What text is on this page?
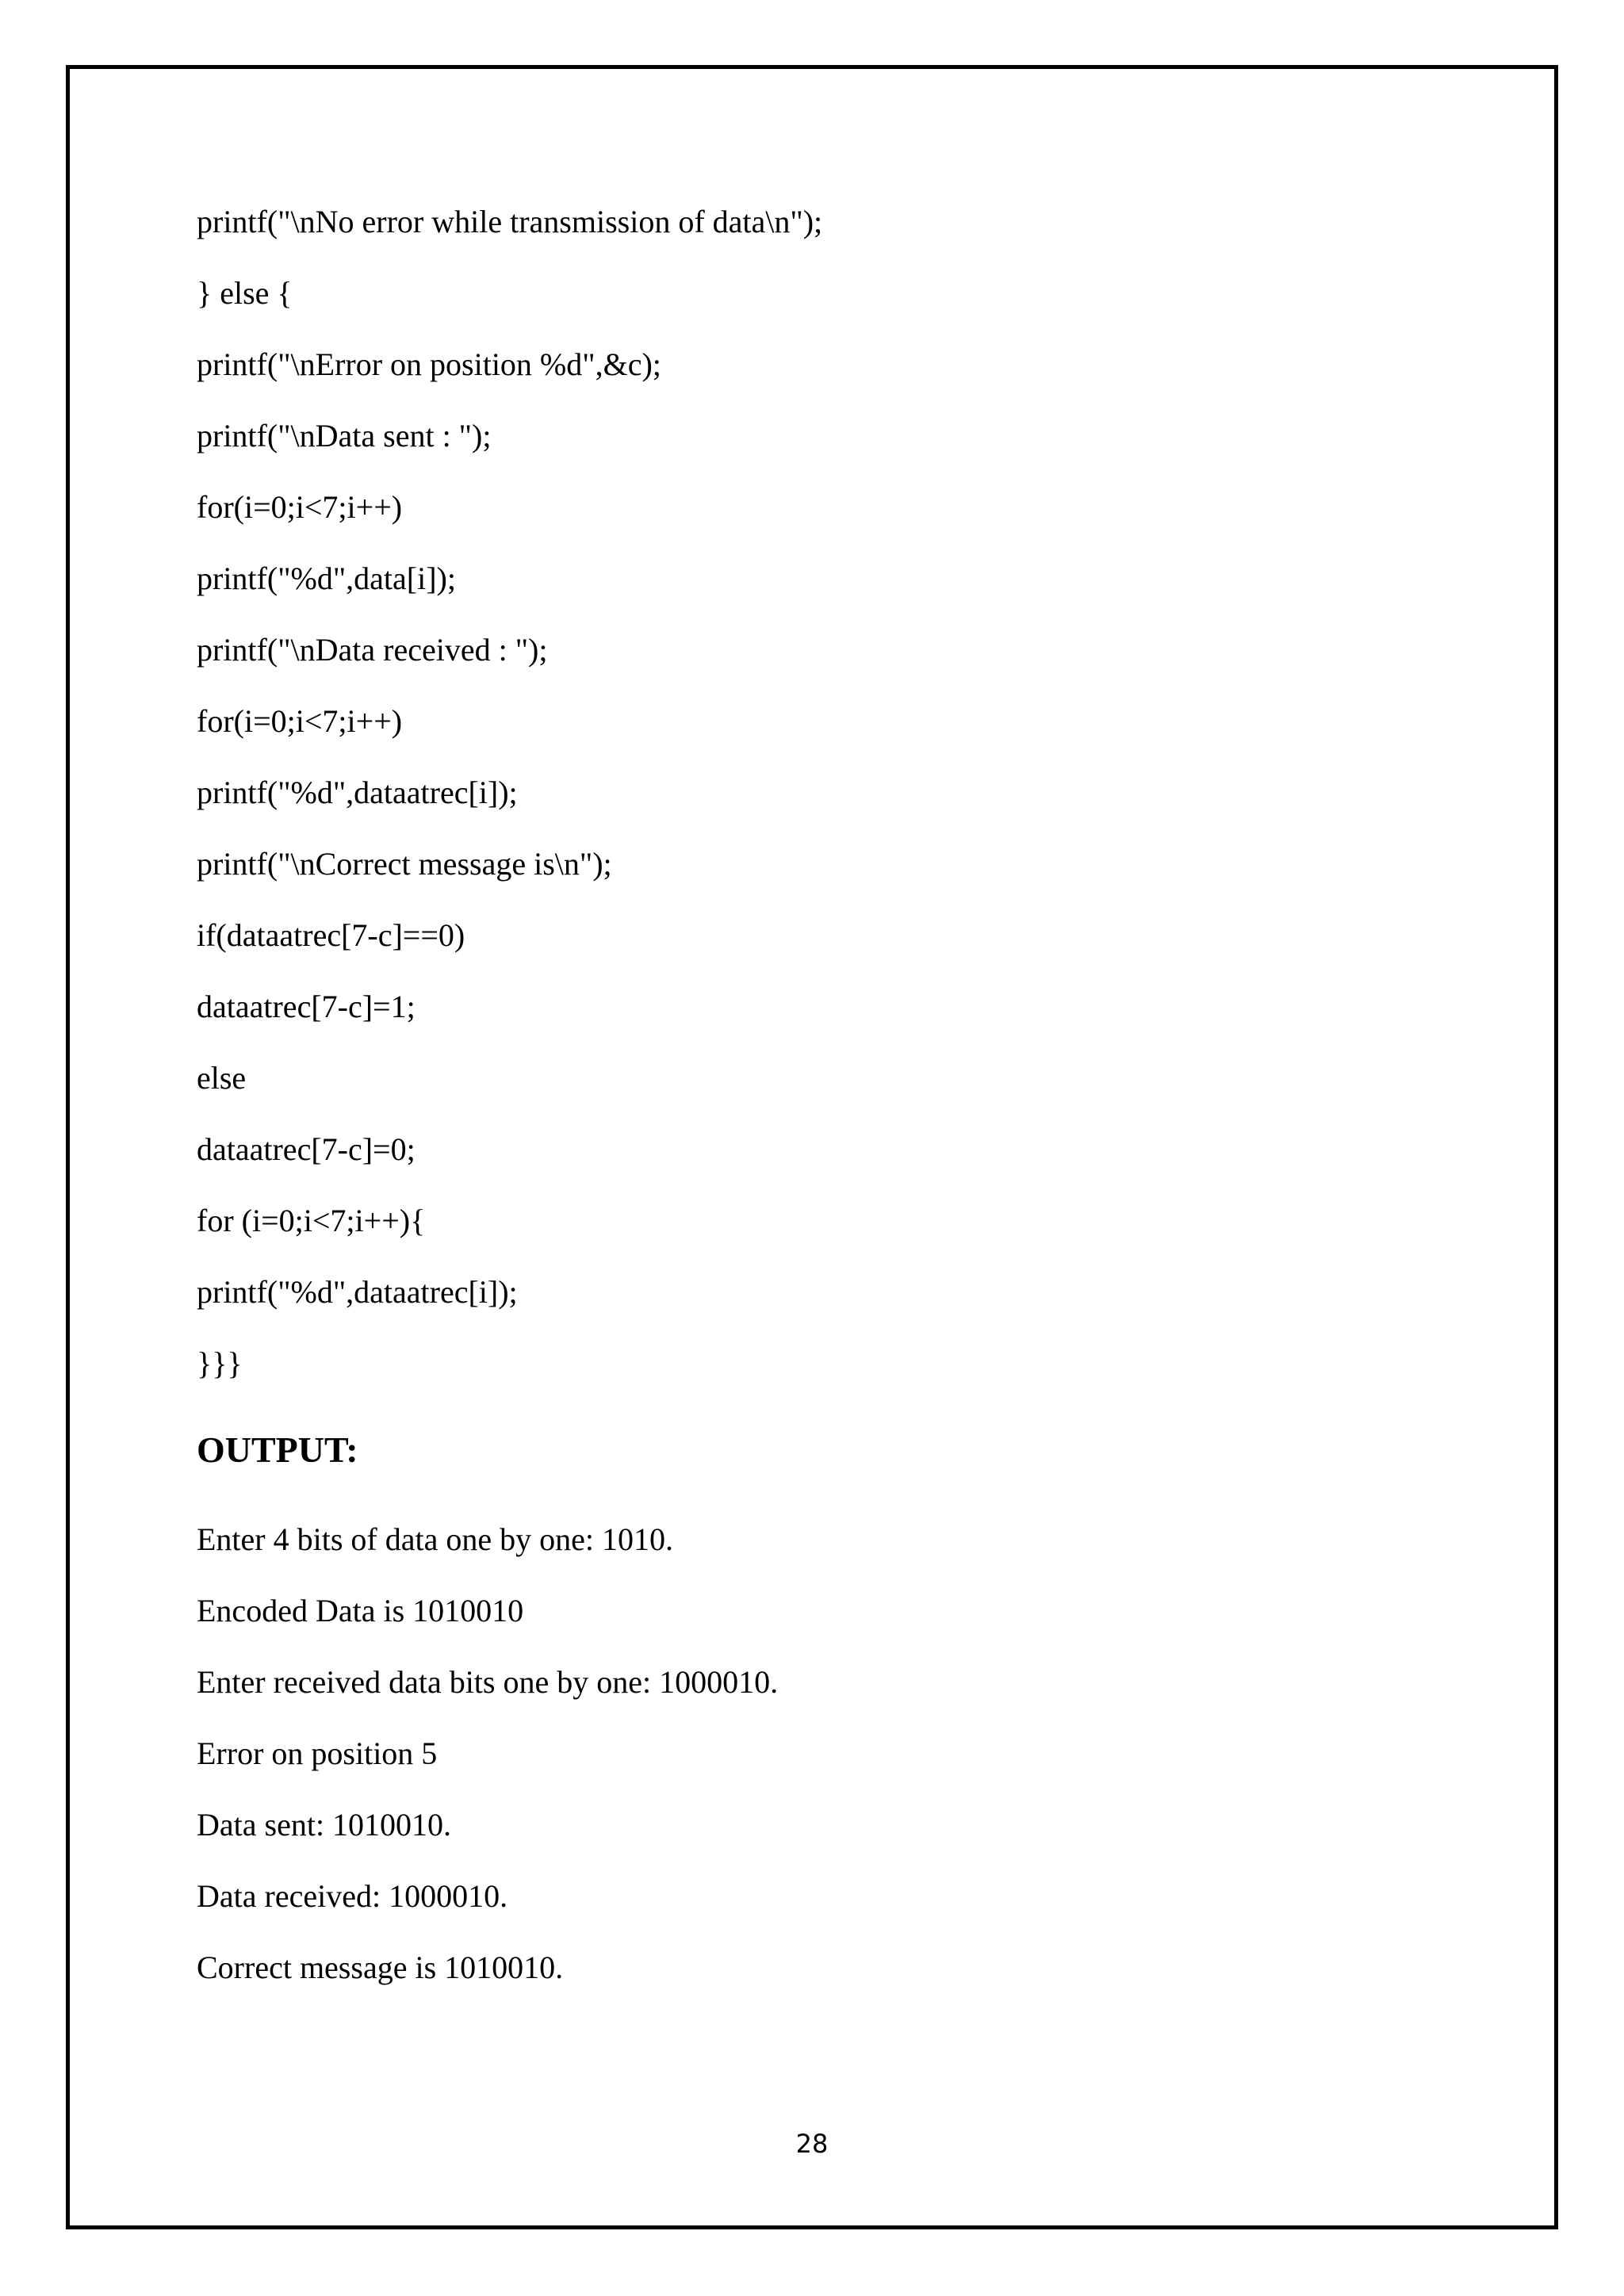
printf("\nNo error while transmission of data\n");

} else {

printf("\nError on position %d",&c);

printf("\nData sent : ");

for(i=0;i<7;i++)

printf("%d",data[i]);

printf("\nData received : ");

for(i=0;i<7;i++)

printf("%d",dataatrec[i]);

printf("\nCorrect message is\n");

if(dataatrec[7-c]==0)

dataatrec[7-c]=1;

else

dataatrec[7-c]=0;

for (i=0;i<7;i++){

printf("%d",dataatrec[i]);

}}}

OUTPUT:

Enter 4 bits of data one by one: 1010.

Encoded Data is 1010010

Enter received data bits one by one: 1000010.

Error on position 5

Data sent: 1010010.

Data received: 1000010.

Correct message is 1010010.

28
